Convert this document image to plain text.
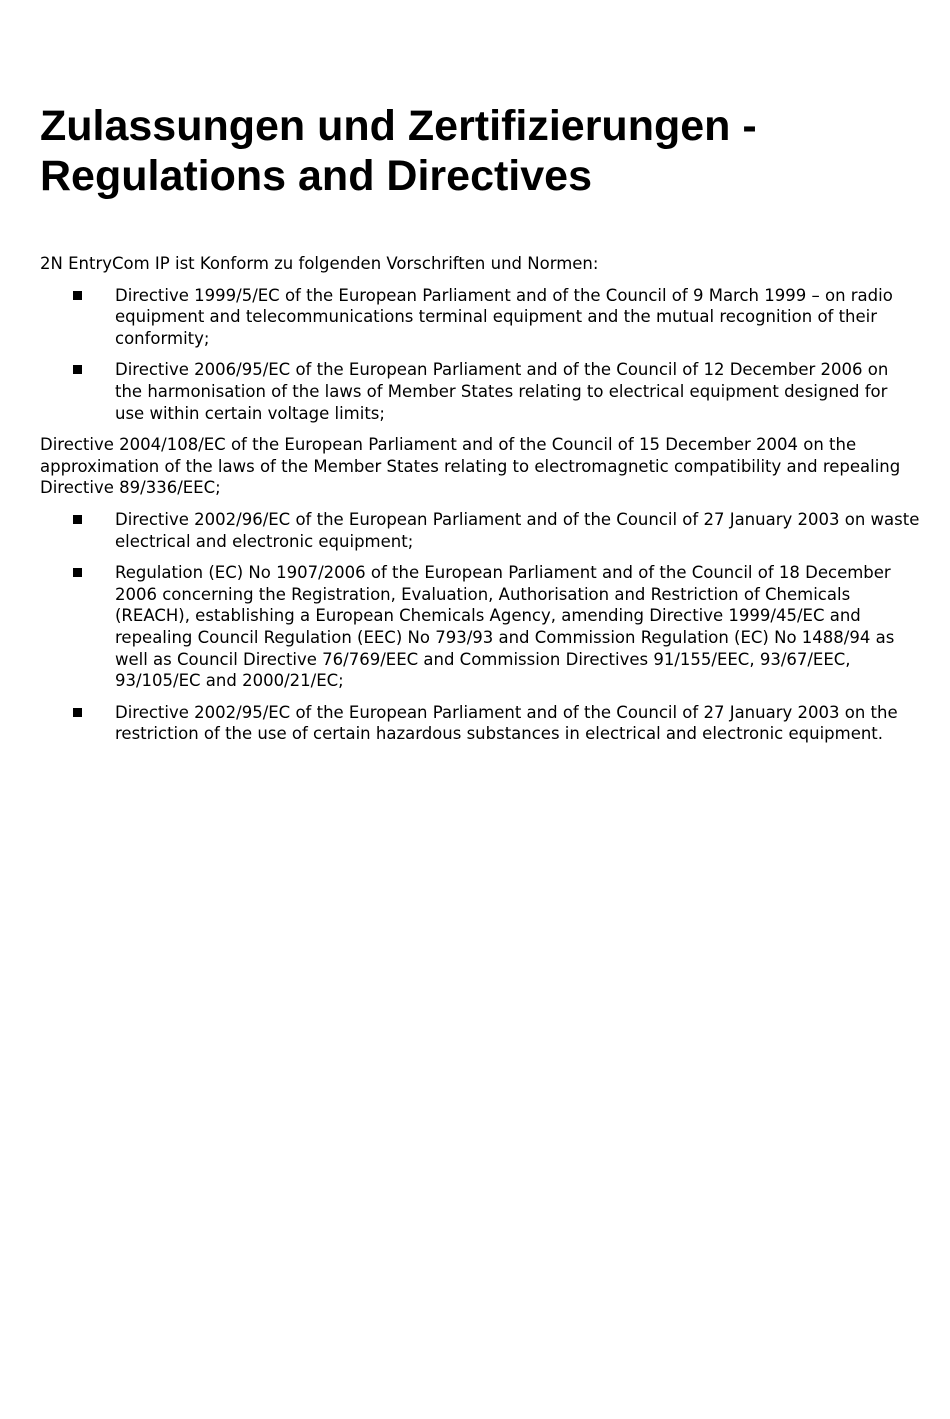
Zulassungen und Zertifizierungen -
Regulations and Directives

2N EntryCom IP ist Konform zu folgenden Vorschriften und Normen:

Directive 1999/5/EC of the European Parliament and of the Council of 9 March 1999 – on radio equipment and telecommunications terminal equipment and the mutual recognition of their conformity;
Directive 2006/95/EC of the European Parliament and of the Council of 12 December 2006 on the harmonisation of the laws of Member States relating to electrical equipment designed for use within certain voltage limits;

Directive 2004/108/EC of the European Parliament and of the Council of 15 December 2004 on the approximation of the laws of the Member States relating to electromagnetic compatibility and repealing Directive 89/336/EEC;

Directive 2002/96/EC of the European Parliament and of the Council of 27 January 2003 on waste electrical and electronic equipment;
Regulation (EC) No 1907/2006 of the European Parliament and of the Council of 18 December 2006 concerning the Registration, Evaluation, Authorisation and Restriction of Chemicals (REACH), establishing a European Chemicals Agency, amending Directive 1999/45/EC and repealing Council Regulation (EEC) No 793/93 and Commission Regulation (EC) No 1488/94 as well as Council Directive 76/769/EEC and Commission Directives 91/155/EEC, 93/67/EEC, 93/105/EC and 2000/21/EC;
Directive 2002/95/EC of the European Parliament and of the Council of 27 January 2003 on the restriction of the use of certain hazardous substances in electrical and electronic equipment.
